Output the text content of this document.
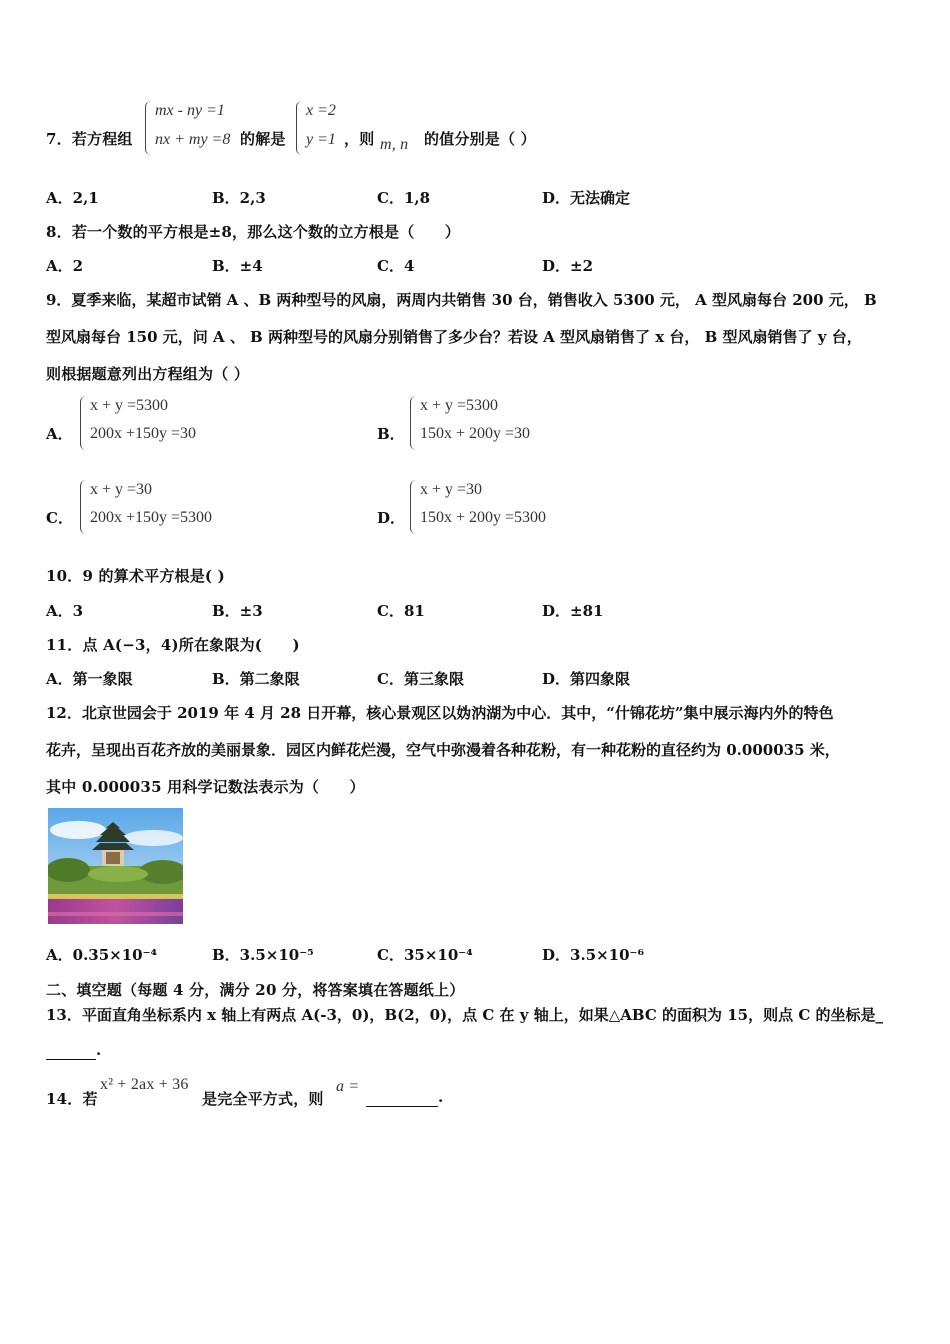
7．若方程组
mx - ny =1
nx + my =8 的解是
x =2
y =1 ，则 m, n 的值分别是（ ）
A．2,1	B．2,3	C．1,8	D．无法确定
8．若一个数的平方根是±8，那么这个数的立方根是（　　）
A．2	B．±4	C．4	D．±2
9．夏季来临，某超市试销 A 、B 两种型号的风扇，两周内共销售 30 台，销售收入 5300 元， A 型风扇每台 200 元， B
型风扇每台 150 元，问 A 、 B 两种型号的风扇分别销售了多少台？若设 A 型风扇销售了 x 台， B 型风扇销售了 y 台，
则根据题意列出方程组为（ ）
A．
x + y =5300
200x +150y =30	B．
x + y =5300
150x + 200y =30
C．
x + y =30
200x +150y =5300	D．
x + y =30
150x + 200y =5300
10．9 的算术平方根是( )
A．3	B．±3	C．81	D．±81
11．点 A(−3，4)所在象限为(　　)
A．第一象限	B．第二象限	C．第三象限	D．第四象限
12．北京世园会于 2019 年 4 月 28 日开幕，核心景观区以妫汭湖为中心．其中，“什锦花坊”集中展示海内外的特色
花卉，呈现出百花齐放的美丽景象．园区内鲜花烂漫，空气中弥漫着各种花粉，有一种花粉的直径约为 0.000035 米，
其中 0.000035 用科学记数法表示为（　　）
A．0.35×10⁻⁴	B．3.5×10⁻⁵	C．35×10⁻⁴	D．3.5×10⁻⁶
二、填空题（每题 4 分，满分 20 分，将答案填在答题纸上）
13．平面直角坐标系内 x 轴上有两点 A(-3，0)，B(2，0)，点 C 在 y 轴上，如果△ABC 的面积为 15，则点 C 的坐标是_
.
14．若
x² + 2ax + 36
是完全平方式，则
a =
.
